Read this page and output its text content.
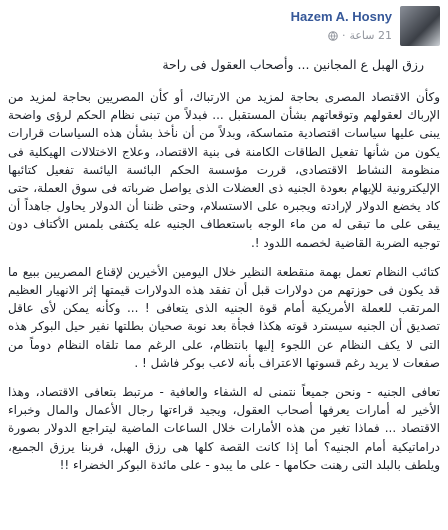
Hazem A. Hosny
21 ساعة
·
رزق الهبل ع المجانين ... وأصحاب العقول فى راحة

وكأن الاقتصاد المصرى بحاجة لمزيد من الارتباك، أو كأن المصريين بحاجة لمزيد من الإرباك لعقولهم وتوقعاتهم بشأن المستقبل ... فبدلاً من تبنى نظام الحكم لرؤى واضحة يبنى عليها سياسات اقتصادية متماسكة، وبدلاً من أن نأخذ بشأن هذه السياسات قرارات يكون من شأنها تفعيل الطاقات الكامنة فى بنية الاقتصاد، وعلاج الاختلالات الهيكلية فى منظومة النشاط الاقتصادى، قررت مؤسسة الحكم البائسة اليائسة تفعيل كتائبها الإليكترونية للإيهام بعودة الجنيه ذى العضلات الذى يواصل ضرباته فى سوق العملة، حتى كاد يخضع الدولار لإرادته ويجبره على الاستسلام، وحتى ظننا أن الدولار يحاول جاهداً أن يبقى على ما تبقى له من ماء الوجه باستعطاف الجنيه عله يكتفى بلمس الأكتاف دون توجيه الضربة القاضية لخصمه اللدود !.

كتائب النظام تعمل بهمة منقطعة النظير خلال اليومين الأخيرين لإقناع المصريين ببيع ما قد يكون فى حوزتهم من دولارات قبل أن تفقد هذه الدولارات قيمتها إثر الانهيار العظيم المرتقب للعملة الأمريكية أمام قوة الجنيه الذى يتعافى ! ... وكأنه يمكن لأى عاقل تصديق أن الجنيه سيسترد قوته هكذا فجأة بعد نوبة صحيان بطلتها نفير حيل البوكر هذه التى لا يكف النظام عن اللجوء إليها بانتظام، على الرغم مما تلقاه النظام دوماً من صفعات لا يريد رغم قسوتها الاعتراف بأنه لاعب بوكر فاشل ! .

تعافى الجنيه - ونحن جميعاً نتمنى له الشفاء والعافية - مرتبط بتعافى الاقتصاد، وهذا الأخير له أمارات يعرفها أصحاب العقول، ويجيد قراءتها رجال الأعمال والمال وخبراء الاقتصاد ... فماذا تغير من هذه الأمارات خلال الساعات الماضية ليتراجع الدولار بصورة دراماتيكية أمام الجنيه؟ أما إذا كانت القصة كلها هى رزق الهبل، فربنا يرزق الجميع، ويلطف بالبلد التى رهنت حكامها - على ما يبدو - على مائدة البوكر الخضراء !!
